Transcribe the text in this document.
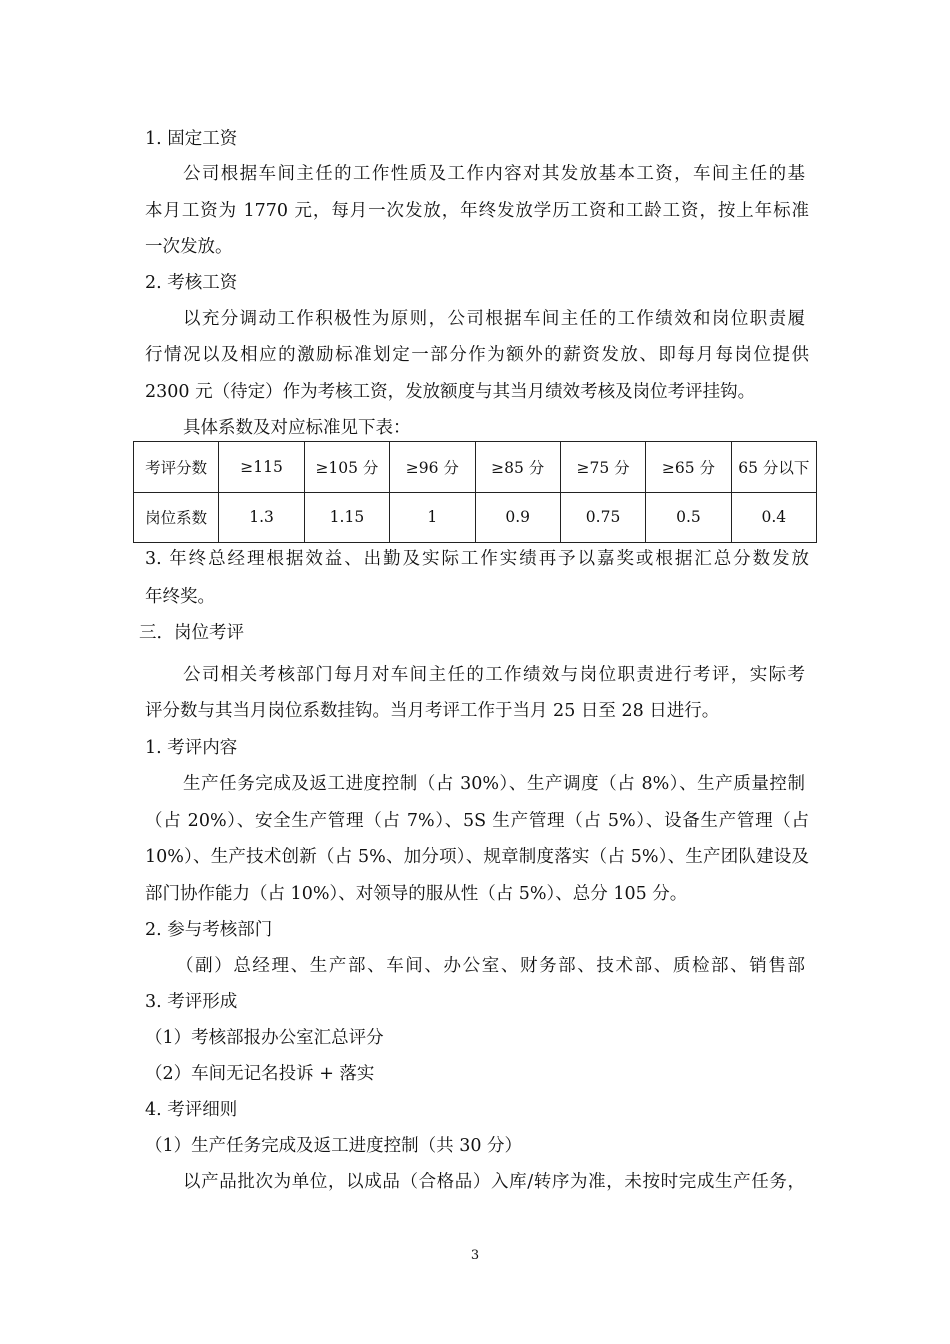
1. 固定工资
公司根据车间主任的工作性质及工作内容对其发放基本工资，车间主任的基
本月工资为 1770 元，每月一次发放，年终发放学历工资和工龄工资，按上年标准
一次发放。
2. 考核工资
以充分调动工作积极性为原则，公司根据车间主任的工作绩效和岗位职责履
行情况以及相应的激励标准划定一部分作为额外的薪资发放、即每月每岗位提供
2300 元（待定）作为考核工资，发放额度与其当月绩效考核及岗位考评挂钩。
具体系数及对应标准见下表：
考评分数	≥115	≥105 分	≥96 分	≥85 分	≥75 分	≥65 分	65 分以下
岗位系数	1.3	1.15	1	0.9	0.75	0.5	0.4
3. 年终总经理根据效益、出勤及实际工作实绩再予以嘉奖或根据汇总分数发放
年终奖。
三．岗位考评
公司相关考核部门每月对车间主任的工作绩效与岗位职责进行考评，实际考
评分数与其当月岗位系数挂钩。当月考评工作于当月 25 日至 28 日进行。
1. 考评内容
生产任务完成及返工进度控制（占 30%）、生产调度（占 8%）、生产质量控制
（占 20%）、安全生产管理（占 7%）、5S 生产管理（占 5%）、设备生产管理（占
10%）、生产技术创新（占 5%、加分项）、规章制度落实（占 5%）、生产团队建设及
部门协作能力（占 10%）、对领导的服从性（占 5%）、总分 105 分。
2. 参与考核部门
（副）总经理、生产部、车间、办公室、财务部、技术部、质检部、销售部
3. 考评形成
（1）考核部报办公室汇总评分
（2）车间无记名投诉 + 落实
4. 考评细则
（1）生产任务完成及返工进度控制（共 30 分）
以产品批次为单位，以成品（合格品）入库/转序为准，未按时完成生产任务，
3
